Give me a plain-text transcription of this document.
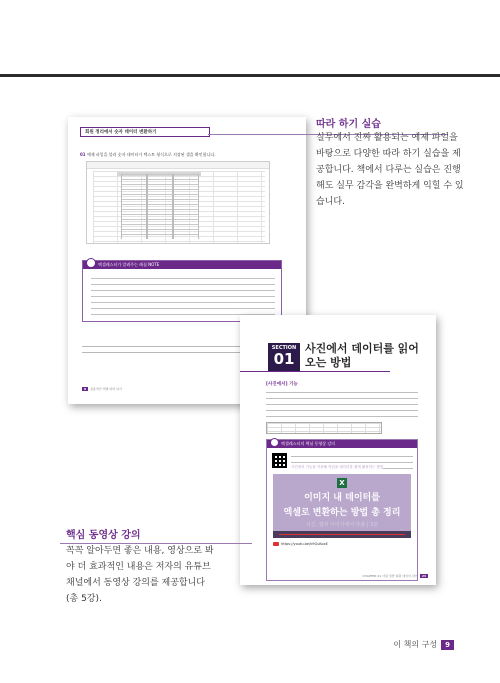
회원 정리에서 숫자 데이터 변환하기
01 예제 파일을 불러 숫자 데이터가 텍스트 형식으로 저장된 셀을 확인합니다.
엑셀레스터가 알려주는 레심 NOTE
8 실용적인 엑셀 따라 하기
따라 하기 실습
실무에서 진짜 활용되는 예제 파일을 바탕으로 다양한 따라 하기 실습을 제공합니다. 책에서 다루는 실습은 진행해도 실무 감각을 완벽하게 익힐 수 있습니다.
SECTION
01
사진에서 데이터를 읽어오는 방법
[사진에서] 기능
엑셀레스터의 핵심 동영상 강의
사진에서 기능을 이용해 작업을 데이터를 쉽게 활용하는 방법
X
이미지 내 데이터를
엑셀로 변환하는 방법 총 정리
사진, 캡쳐 이미지에서 추출 | 3분
https://youtu.be/k9GuKoxE
CHAPTER 01 사원 일반 회원 데이터 관리 23
핵심 동영상 강의
꼭꼭 알아두면 좋은 내용, 영상으로 봐야 더 효과적인 내용은 저자의 유튜브 채널에서 동영상 강의를 제공합니다(총 5강).
이 책의 구성 9
